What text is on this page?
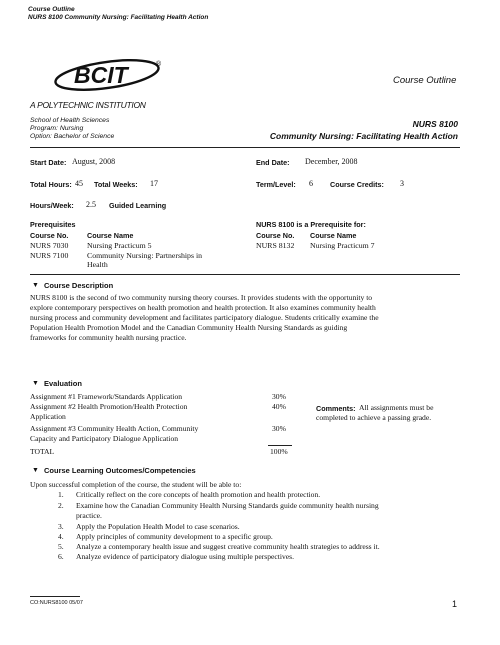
Course Outline
NURS 8100 Community Nursing: Facilitating Health Action
BCIT	®
A POLYTECHNIC INSTITUTION
Course Outline
School of Health Sciences
Program: Nursing
Option: Bachelor of Science
NURS 8100
Community Nursing: Facilitating Health Action
Start Date: August, 2008	End Date: December, 2008
Total Hours: 45 Total Weeks: 17	Term/Level: 6 Course Credits: 3
Hours/Week: 2.5 Guided Learning
Prerequisites	NURS 8100 is a Prerequisite for:
Course No.	Course Name	Course No. Course Name
NURS 7030 Nursing Practicum 5
NURS 7100 Community Nursing: Partnerships in
Health
NURS 8132 Nursing Practicum 7
▼ Course Description
NURS 8100 is the second of two community nursing theory courses. It provides students with the opportunity to
explore contemporary perspectives on health promotion and health protection. It also examines community health
nursing process and community development and facilitates participatory dialogue. Students critically examine the
Population Health Promotion Model and the Canadian Community Health Nursing Standards as guiding
frameworks for community health nursing practice.
▼ Evaluation
Assignment #1 Framework/Standards Application	30%
Assignment #2 Health Promotion/Health Protection
Application
40%
Assignment #3 Community Health Action, Community
Capacity and Participatory Dialogue Application
30%
TOTAL	100%
Comments: All assignments must be
completed to achieve a passing grade.
▼ Course Learning Outcomes/Competencies
Upon successful completion of the course, the student will be able to:
1. Critically reflect on the core concepts of health promotion and health protection.
2. Examine how the Canadian Community Health Nursing Standards guide community health nursing
practice.
3. Apply the Population Health Model to case scenarios.
4. Apply principles of community development to a specific group.
5. Analyze a contemporary health issue and suggest creative community health strategies to address it.
6. Analyze evidence of participatory dialogue using multiple perspectives.
CO:NURS8100 05/07	1
